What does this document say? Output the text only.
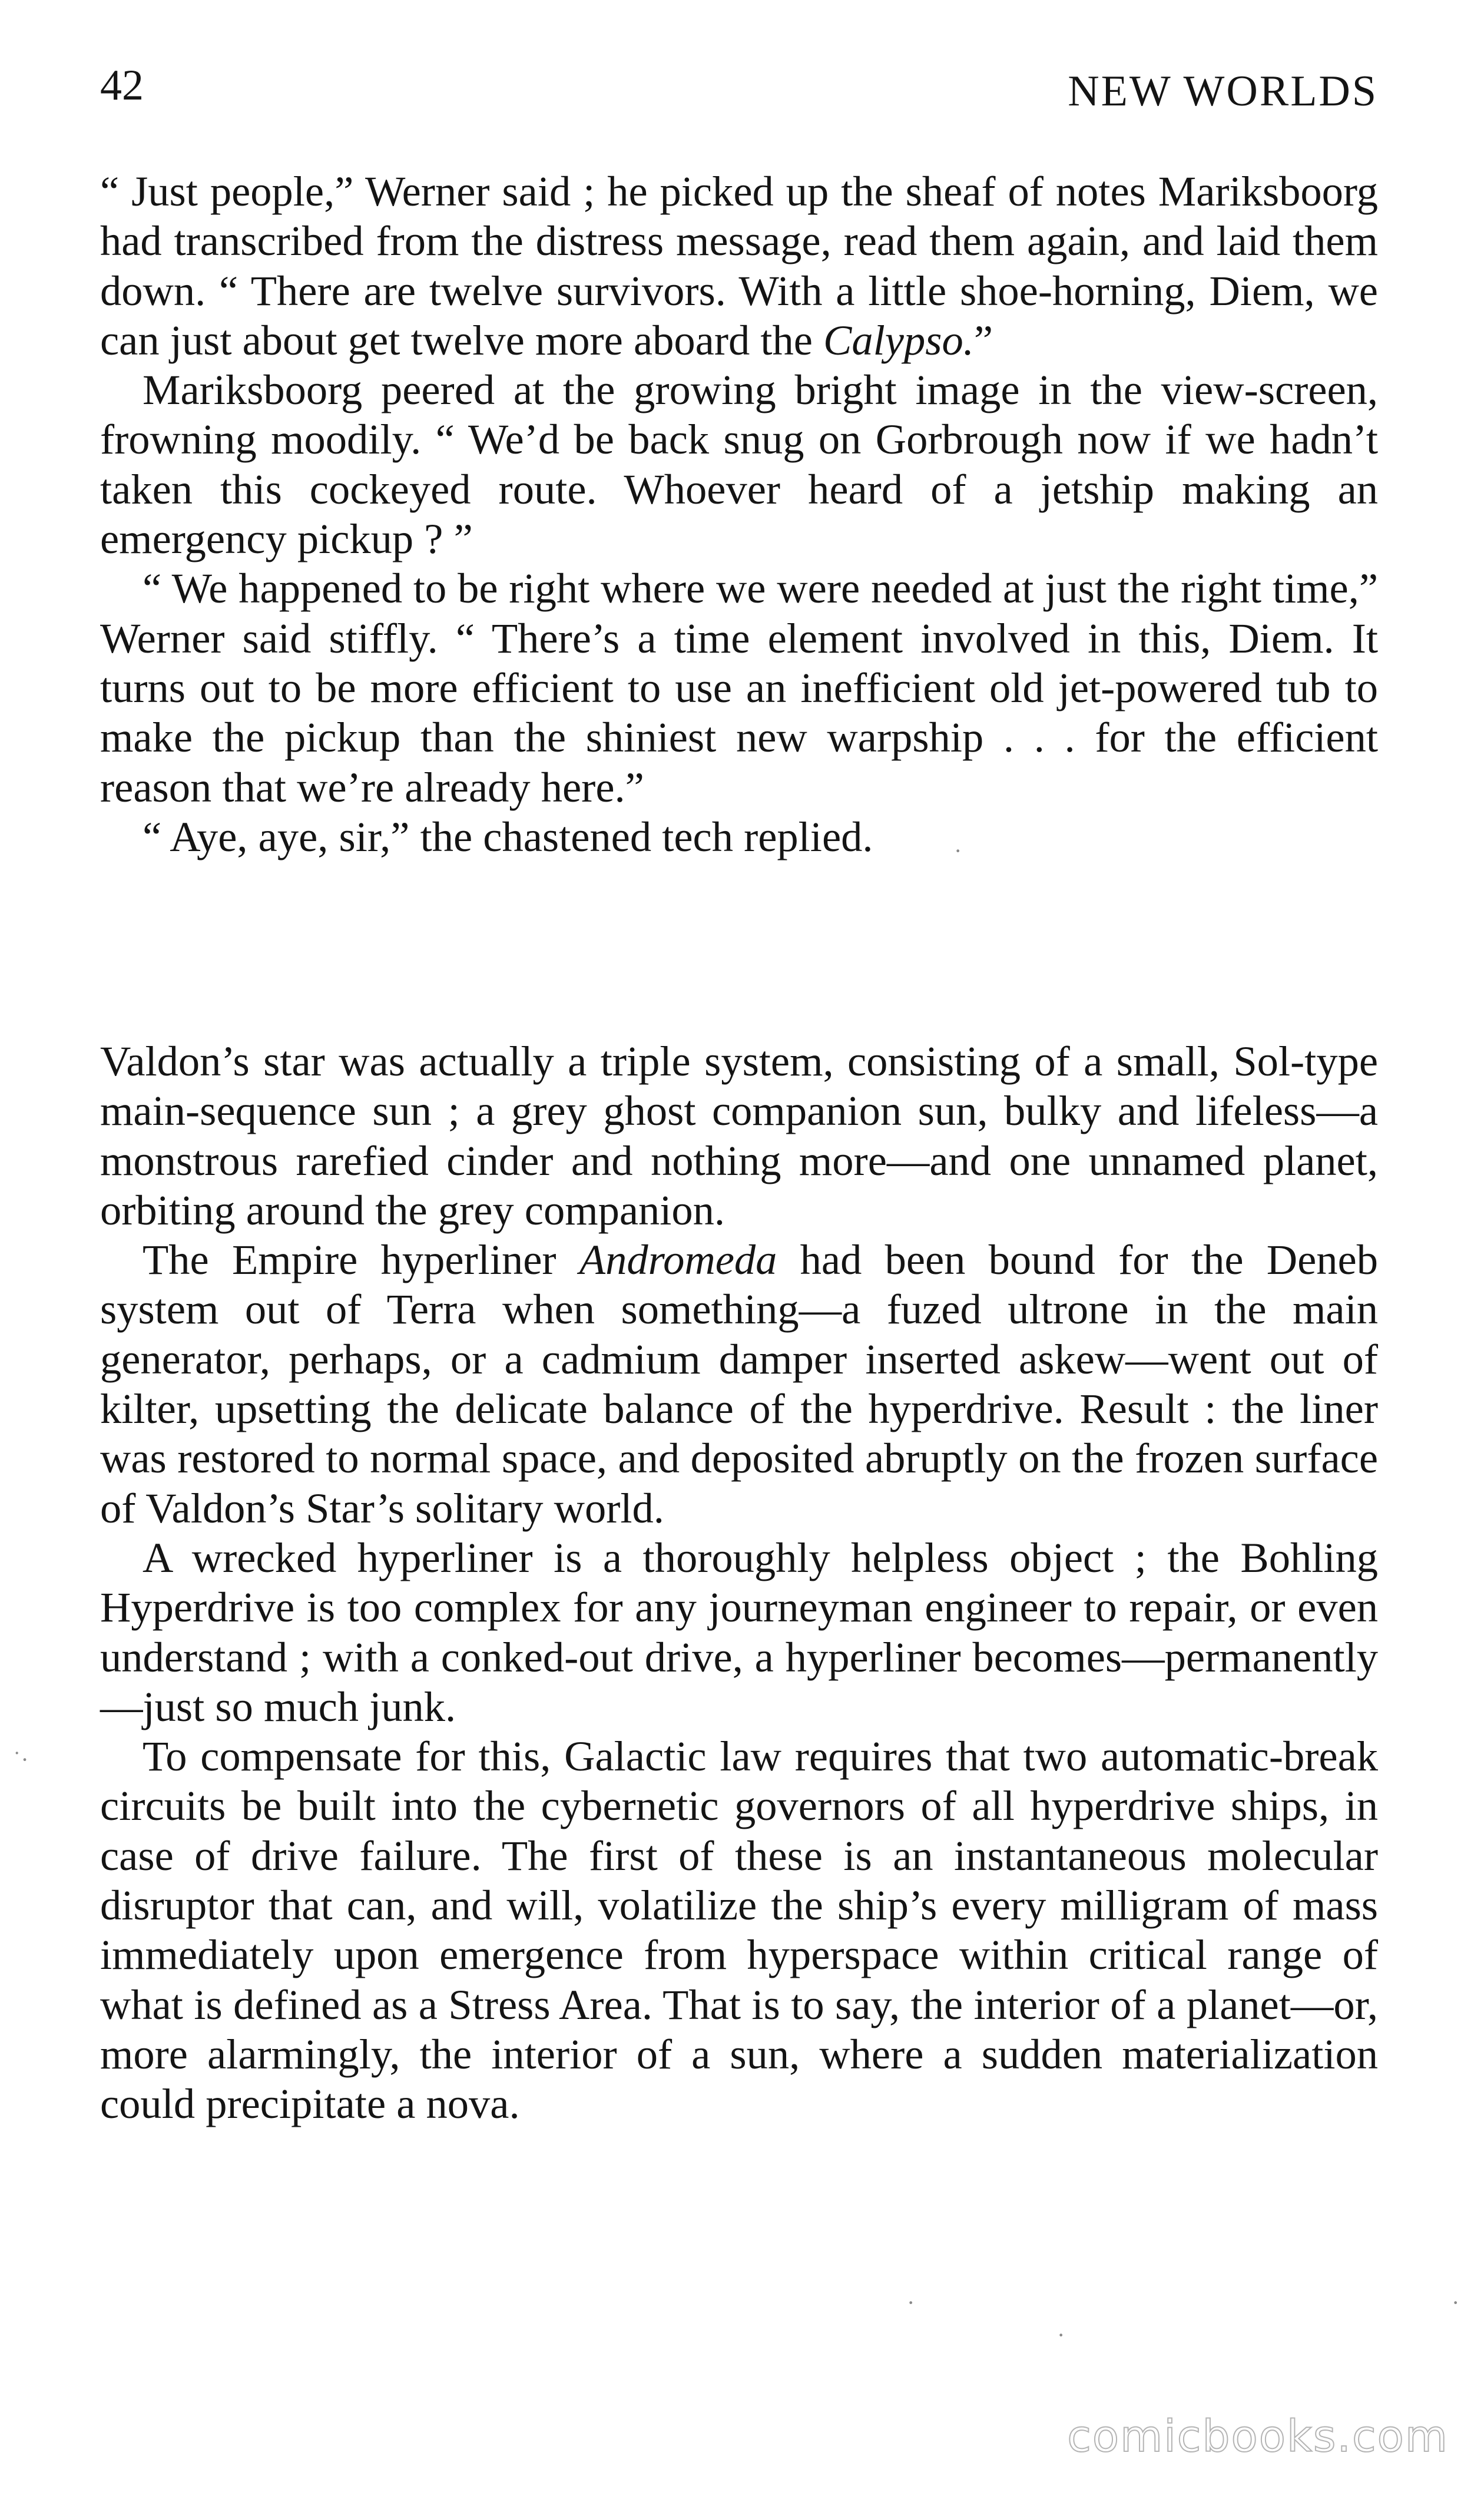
42	NEW WORLDS

“ Just people,” Werner said ; he picked up the sheaf of notes Mariksboorg had transcribed from the distress message, read them again, and laid them down. “ There are twelve survivors. With a little shoe-horning, Diem, we can just about get twelve more aboard the Calypso.”

Mariksboorg peered at the growing bright image in the view-screen, frowning moodily. “ We’d be back snug on Gorbrough now if we hadn’t taken this cockeyed route. Whoever heard of a jetship making an emergency pickup ? ”

“ We happened to be right where we were needed at just the right time,” Werner said stiffly. “ There’s a time element involved in this, Diem. It turns out to be more efficient to use an inefficient old jet-powered tub to make the pickup than the shiniest new warpship . . . for the efficient reason that we’re already here.”

“ Aye, aye, sir,” the chastened tech replied.

Valdon’s star was actually a triple system, consisting of a small, Sol-type main-sequence sun ; a grey ghost companion sun, bulky and lifeless—a monstrous rarefied cinder and nothing more—and one unnamed planet, orbiting around the grey companion.

The Empire hyperliner Andromeda had been bound for the Deneb system out of Terra when something—a fuzed ultrone in the main generator, perhaps, or a cadmium damper inserted askew—went out of kilter, upsetting the delicate balance of the hyperdrive. Result : the liner was restored to normal space, and deposited abruptly on the frozen surface of Valdon’s Star’s solitary world.

A wrecked hyperliner is a thoroughly helpless object ; the Bohling Hyperdrive is too complex for any journeyman engineer to repair, or even understand ; with a conked-out drive, a hyperliner becomes—permanently—just so much junk.

To compensate for this, Galactic law requires that two automatic-break circuits be built into the cybernetic governors of all hyperdrive ships, in case of drive failure. The first of these is an instantaneous molecular disruptor that can, and will, volatilize the ship’s every milligram of mass immediately upon emergence from hyperspace within critical range of what is defined as a Stress Area. That is to say, the interior of a planet—or, more alarmingly, the interior of a sun, where a sudden materialization could precipitate a nova.

˙·
·
·
·
·
comicbooks.com
